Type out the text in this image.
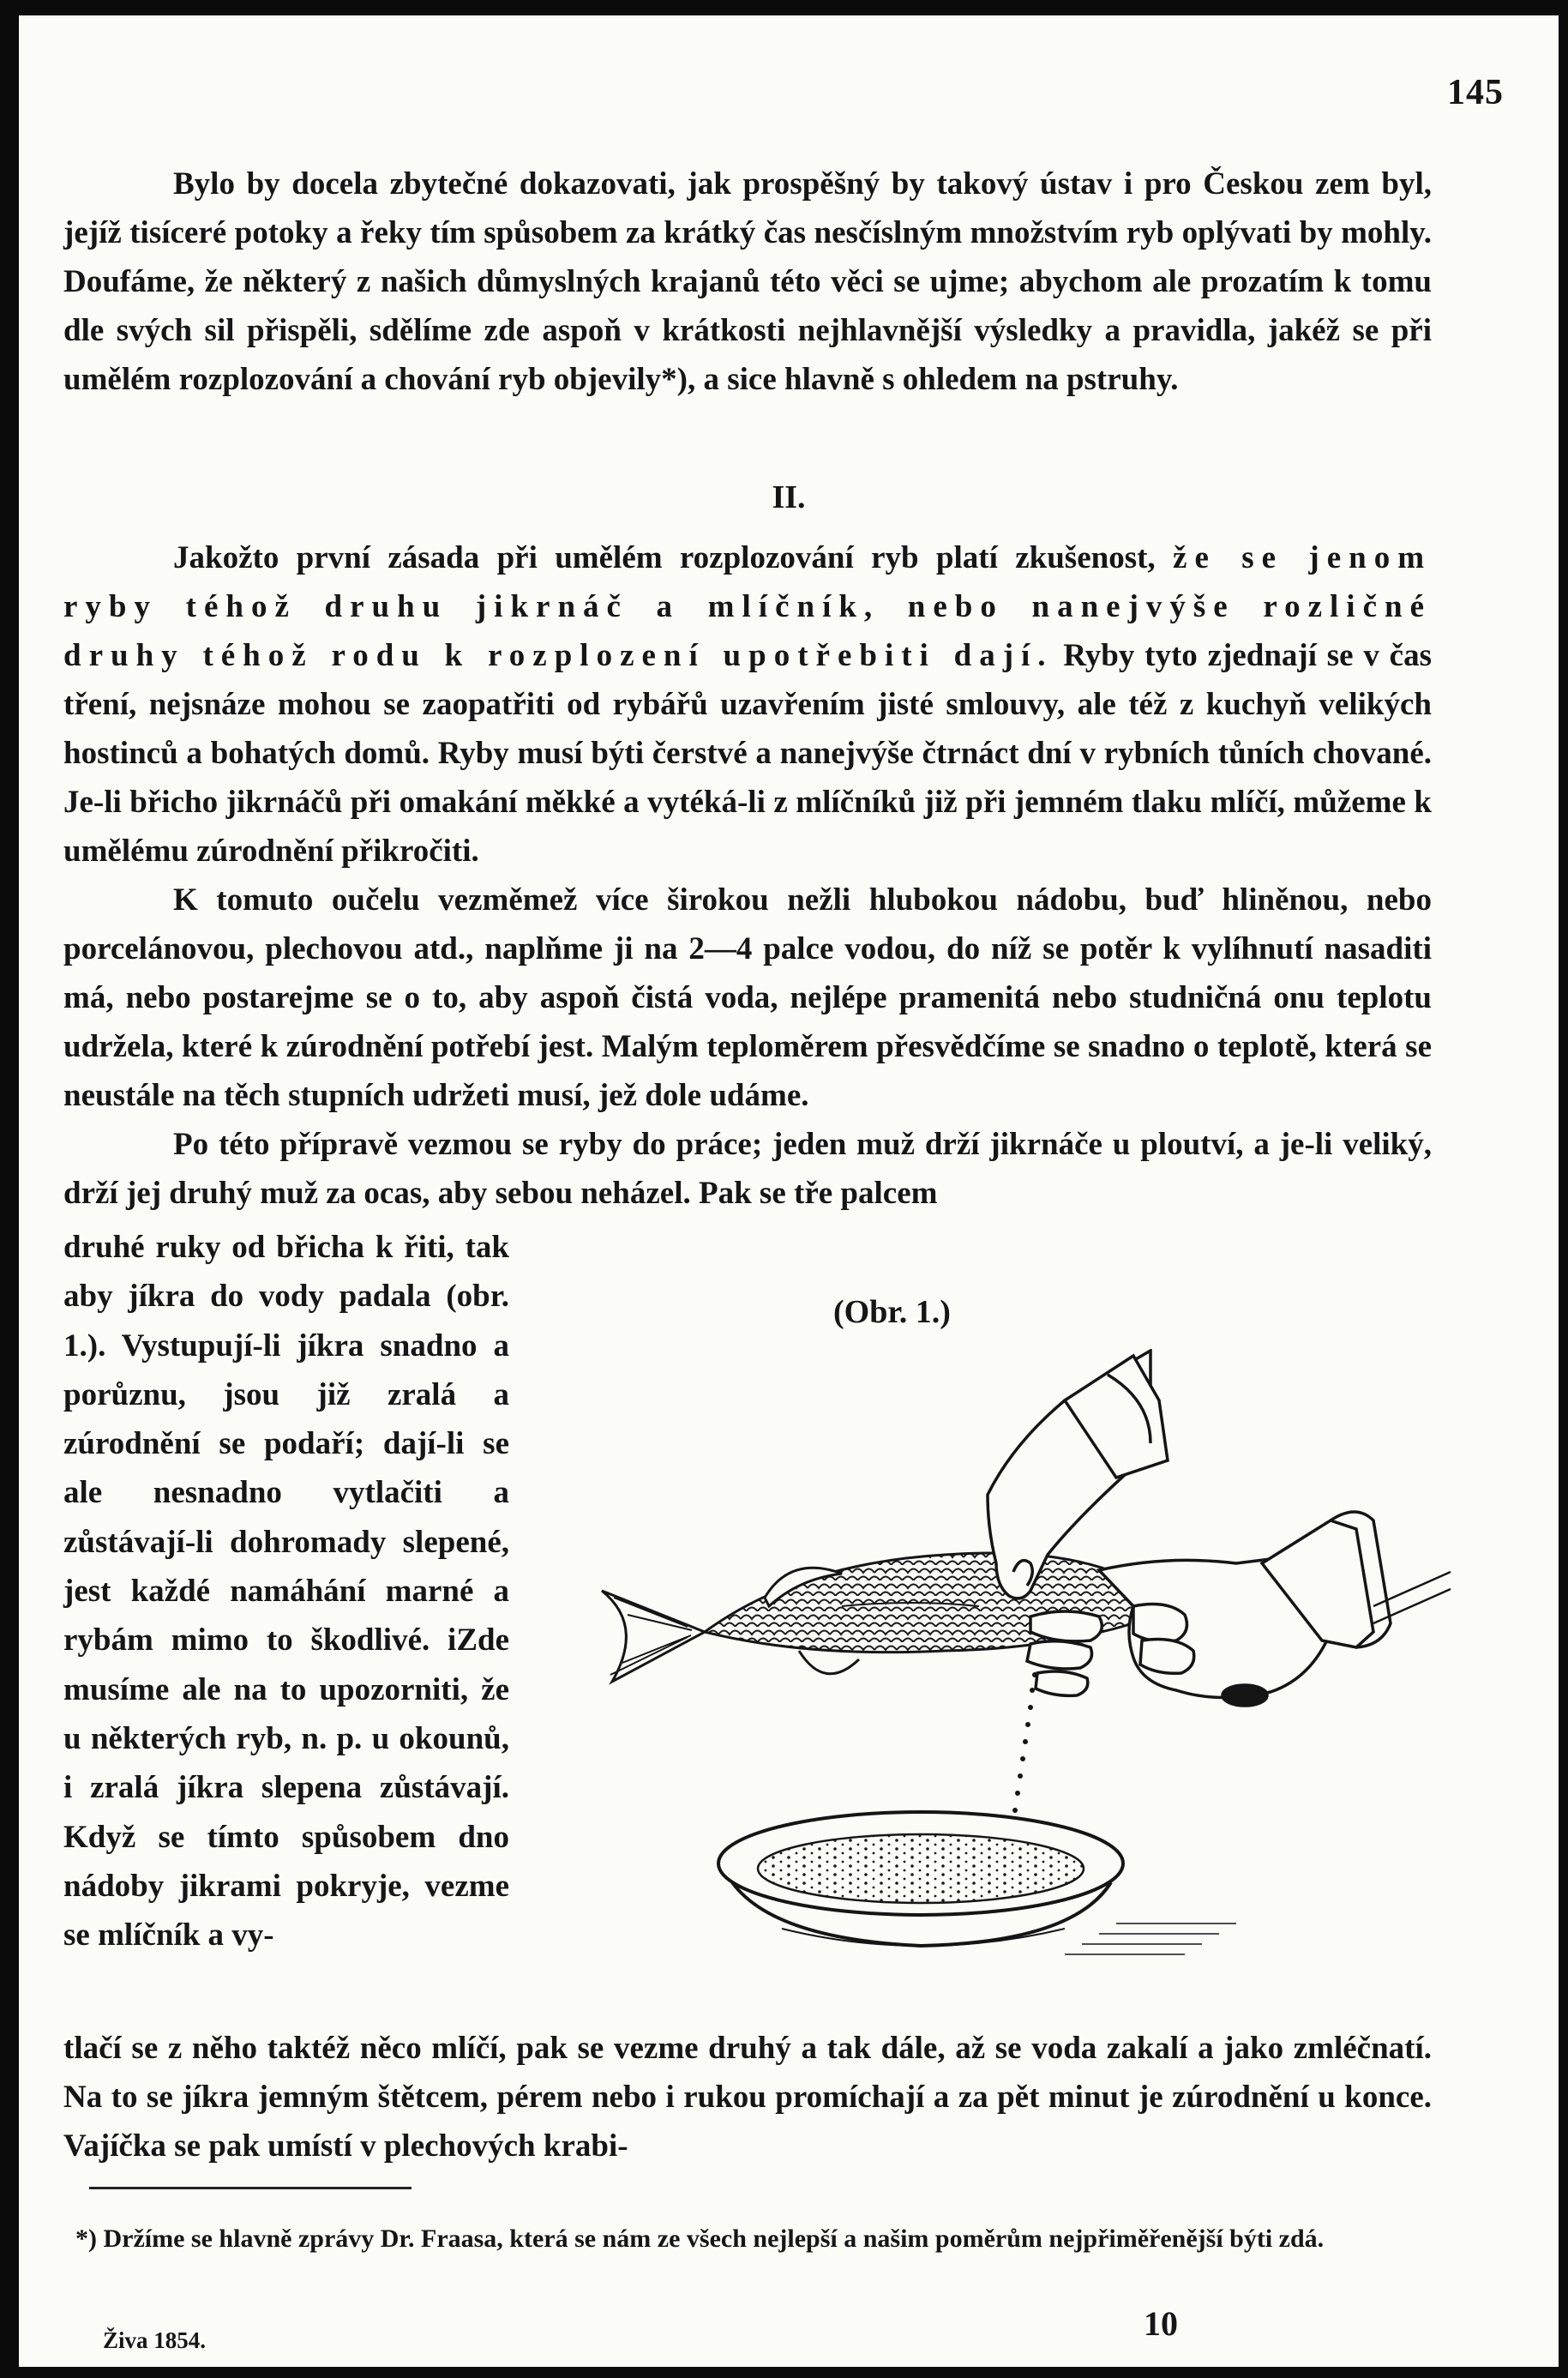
145

Bylo by docela zbytečné dokazovati, jak prospěšný by takový ústav i pro Českou zem byl, jejíž tisíceré potoky a řeky tím spůsobem za krátký čas nesčíslným množstvím ryb oplývati by mohly. Doufáme, že některý z našich důmyslných krajanů této věci se ujme; abychom ale prozatím k tomu dle svých sil přispěli, sdělíme zde aspoň v krátkosti nejhlavnější výsledky a pravidla, jakéž se při umělém rozplozování a chování ryb objevily*), a sice hlavně s ohledem na pstruhy.

II.

Jakožto první zásada při umělém rozplozování ryb platí zkušenost, že se jenom ryby téhož druhu jikrnáč a mlíčník, nebo nanejvýše rozličné druhy téhož rodu k rozplození upotřebiti dají. Ryby tyto zjednají se v čas tření, nejsnáze mohou se zaopatřiti od rybářů uzavřením jisté smlouvy, ale též z kuchyň velikých hostinců a bohatých domů. Ryby musí býti čerstvé a nanejvýše čtrnáct dní v rybních tůních chované. Je-li břicho jikrnáčů při omakání měkké a vytéká-li z mlíčníků již při jemném tlaku mlíčí, můžeme k umělému zúrodnění přikročiti.

K tomuto oučelu vezměmež více širokou nežli hlubokou nádobu, buď hliněnou, nebo porcelánovou, plechovou atd., naplňme ji na 2—4 palce vodou, do níž se potěr k vylíhnutí nasaditi má, nebo postarejme se o to, aby aspoň čistá voda, nejlépe pramenitá nebo studničná onu teplotu udržela, které k zúrodnění potřebí jest. Malým teploměrem přesvědčíme se snadno o teplotě, která se neustále na těch stupních udržeti musí, jež dole udáme.

Po této přípravě vezmou se ryby do práce; jeden muž drží jikrnáče u ploutví, a je-li veliký, drží jej druhý muž za ocas, aby sebou neházel. Pak se tře palcem

druhé ruky od břicha k řiti, tak aby jíkra do vody padala (obr. 1.). Vystupují-li jíkra snadno a porůznu, jsou již zralá a zúrodnění se podaří; dají-li se ale nesnadno vytlačiti a zůstávají-li dohromady slepené, jest každé namáhání marné a rybám mimo to škodlivé. iZde musíme ale na to upozorniti, že u některých ryb, n. p. u okounů, i zralá jíkra slepena zůstávají. Když se tímto spůsobem dno nádoby jikrami pokryje, vezme se mlíčník a vy-
(Obr. 1.)

tlačí se z něho taktéž něco mlíčí, pak se vezme druhý a tak dále, až se voda zakalí a jako zmléčnatí. Na to se jíkra jemným štětcem, pérem nebo i rukou promíchají a za pět minut je zúrodnění u konce. Vajíčka se pak umístí v plechových krabi-

*) Držíme se hlavně zprávy Dr. Fraasa, která se nám ze všech nejlepší a našim poměrům nejpřiměřenější býti zdá.
Živa 1854.	10
